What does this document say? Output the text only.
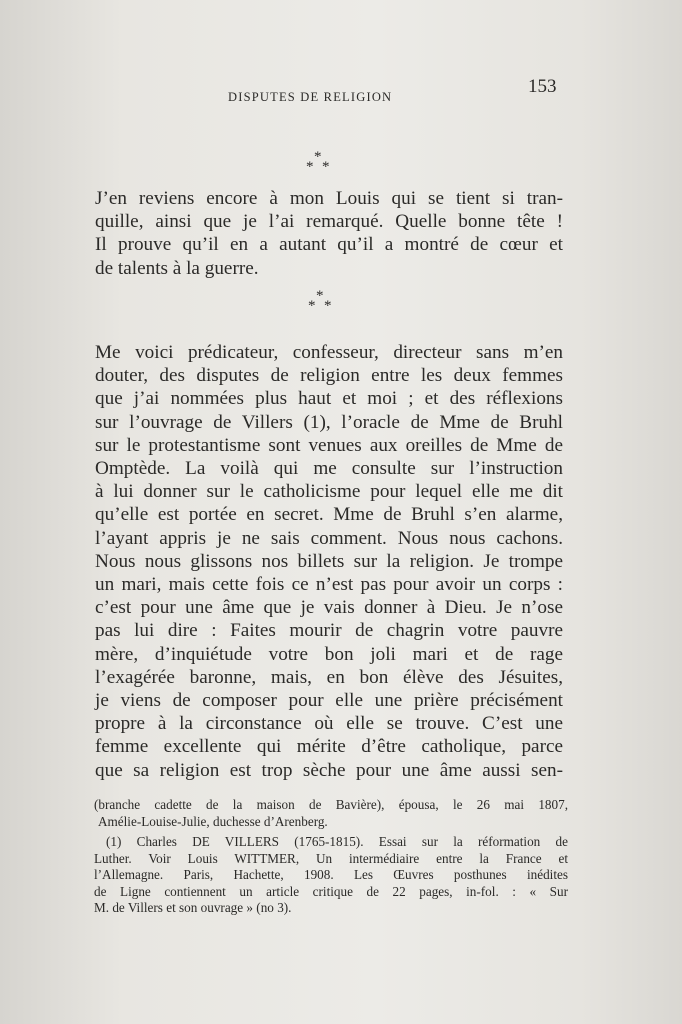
DISPUTES DE RELIGION	153
*
* *
J’en reviens encore à mon Louis qui se tient si tran-
quille, ainsi que je l’ai remarqué. Quelle bonne tête !
Il prouve qu’il en a autant qu’il a montré de cœur et
de talents à la guerre.
*
* *
Me voici prédicateur, confesseur, directeur sans m’en
douter, des disputes de religion entre les deux femmes
que j’ai nommées plus haut et moi ; et des réflexions
sur l’ouvrage de Villers (1), l’oracle de Mme de Bruhl
sur le protestantisme sont venues aux oreilles de Mme de
Omptède. La voilà qui me consulte sur l’instruction
à lui donner sur le catholicisme pour lequel elle me dit
qu’elle est portée en secret. Mme de Bruhl s’en alarme,
l’ayant appris je ne sais comment. Nous nous cachons.
Nous nous glissons nos billets sur la religion. Je trompe
un mari, mais cette fois ce n’est pas pour avoir un corps :
c’est pour une âme que je vais donner à Dieu. Je n’ose
pas lui dire : Faites mourir de chagrin votre pauvre
mère, d’inquiétude votre bon joli mari et de rage
l’exagérée baronne, mais, en bon élève des Jésuites,
je viens de composer pour elle une prière précisément
propre à la circonstance où elle se trouve. C’est une
femme excellente qui mérite d’être catholique, parce
que sa religion est trop sèche pour une âme aussi sen-
(branche cadette de la maison de Bavière), épousa, le 26 mai 1807,
Amélie-Louise-Julie, duchesse d’Arenberg.
(1) Charles DE VILLERS (1765-1815). Essai sur la réformation de
Luther. Voir Louis WITTMER, Un intermédiaire entre la France et
l’Allemagne. Paris, Hachette, 1908. Les Œuvres posthunes inédites
de Ligne contiennent un article critique de 22 pages, in-fol. : « Sur
M. de Villers et son ouvrage » (no 3).
